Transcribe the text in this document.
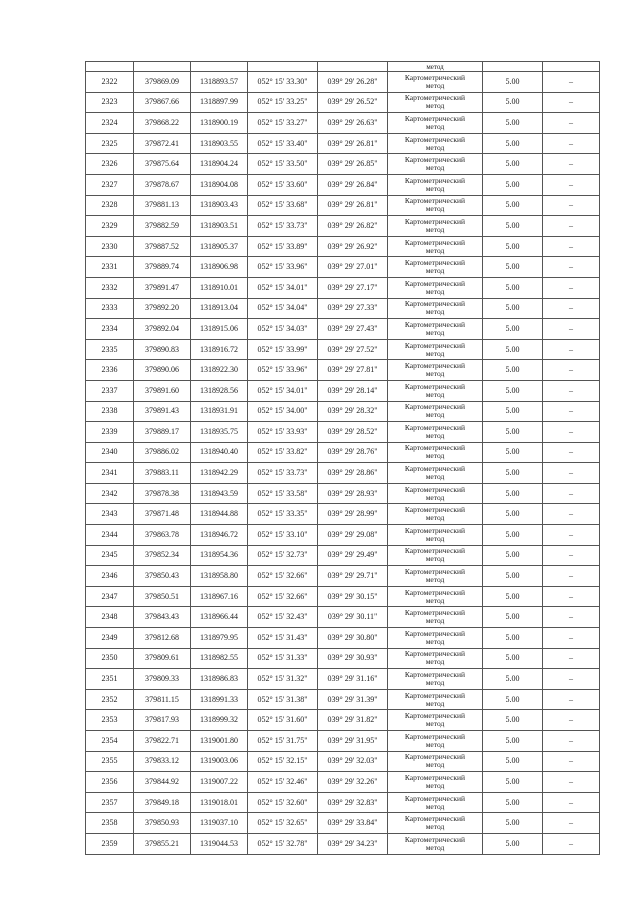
					метод		
2322	379869.09	1318893.57	052° 15' 33.30"	039° 29' 26.28"	Картометрический
метод	5.00	–
2323	379867.66	1318897.99	052° 15' 33.25"	039° 29' 26.52"	Картометрический
метод	5.00	–
2324	379868.22	1318900.19	052° 15' 33.27"	039° 29' 26.63"	Картометрический
метод	5.00	–
2325	379872.41	1318903.55	052° 15' 33.40"	039° 29' 26.81"	Картометрический
метод	5.00	–
2326	379875.64	1318904.24	052° 15' 33.50"	039° 29' 26.85"	Картометрический
метод	5.00	–
2327	379878.67	1318904.08	052° 15' 33.60"	039° 29' 26.84"	Картометрический
метод	5.00	–
2328	379881.13	1318903.43	052° 15' 33.68"	039° 29' 26.81"	Картометрический
метод	5.00	–
2329	379882.59	1318903.51	052° 15' 33.73"	039° 29' 26.82"	Картометрический
метод	5.00	–
2330	379887.52	1318905.37	052° 15' 33.89"	039° 29' 26.92"	Картометрический
метод	5.00	–
2331	379889.74	1318906.98	052° 15' 33.96"	039° 29' 27.01"	Картометрический
метод	5.00	–
2332	379891.47	1318910.01	052° 15' 34.01"	039° 29' 27.17"	Картометрический
метод	5.00	–
2333	379892.20	1318913.04	052° 15' 34.04"	039° 29' 27.33"	Картометрический
метод	5.00	–
2334	379892.04	1318915.06	052° 15' 34.03"	039° 29' 27.43"	Картометрический
метод	5.00	–
2335	379890.83	1318916.72	052° 15' 33.99"	039° 29' 27.52"	Картометрический
метод	5.00	–
2336	379890.06	1318922.30	052° 15' 33.96"	039° 29' 27.81"	Картометрический
метод	5.00	–
2337	379891.60	1318928.56	052° 15' 34.01"	039° 29' 28.14"	Картометрический
метод	5.00	–
2338	379891.43	1318931.91	052° 15' 34.00"	039° 29' 28.32"	Картометрический
метод	5.00	–
2339	379889.17	1318935.75	052° 15' 33.93"	039° 29' 28.52"	Картометрический
метод	5.00	–
2340	379886.02	1318940.40	052° 15' 33.82"	039° 29' 28.76"	Картометрический
метод	5.00	–
2341	379883.11	1318942.29	052° 15' 33.73"	039° 29' 28.86"	Картометрический
метод	5.00	–
2342	379878.38	1318943.59	052° 15' 33.58"	039° 29' 28.93"	Картометрический
метод	5.00	–
2343	379871.48	1318944.88	052° 15' 33.35"	039° 29' 28.99"	Картометрический
метод	5.00	–
2344	379863.78	1318946.72	052° 15' 33.10"	039° 29' 29.08"	Картометрический
метод	5.00	–
2345	379852.34	1318954.36	052° 15' 32.73"	039° 29' 29.49"	Картометрический
метод	5.00	–
2346	379850.43	1318958.80	052° 15' 32.66"	039° 29' 29.71"	Картометрический
метод	5.00	–
2347	379850.51	1318967.16	052° 15' 32.66"	039° 29' 30.15"	Картометрический
метод	5.00	–
2348	379843.43	1318966.44	052° 15' 32.43"	039° 29' 30.11"	Картометрический
метод	5.00	–
2349	379812.68	1318979.95	052° 15' 31.43"	039° 29' 30.80"	Картометрический
метод	5.00	–
2350	379809.61	1318982.55	052° 15' 31.33"	039° 29' 30.93"	Картометрический
метод	5.00	–
2351	379809.33	1318986.83	052° 15' 31.32"	039° 29' 31.16"	Картометрический
метод	5.00	–
2352	379811.15	1318991.33	052° 15' 31.38"	039° 29' 31.39"	Картометрический
метод	5.00	–
2353	379817.93	1318999.32	052° 15' 31.60"	039° 29' 31.82"	Картометрический
метод	5.00	–
2354	379822.71	1319001.80	052° 15' 31.75"	039° 29' 31.95"	Картометрический
метод	5.00	–
2355	379833.12	1319003.06	052° 15' 32.15"	039° 29' 32.03"	Картометрический
метод	5.00	–
2356	379844.92	1319007.22	052° 15' 32.46"	039° 29' 32.26"	Картометрический
метод	5.00	–
2357	379849.18	1319018.01	052° 15' 32.60"	039° 29' 32.83"	Картометрический
метод	5.00	–
2358	379850.93	1319037.10	052° 15' 32.65"	039° 29' 33.84"	Картометрический
метод	5.00	–
2359	379855.21	1319044.53	052° 15' 32.78"	039° 29' 34.23"	Картометрический
метод	5.00	–
